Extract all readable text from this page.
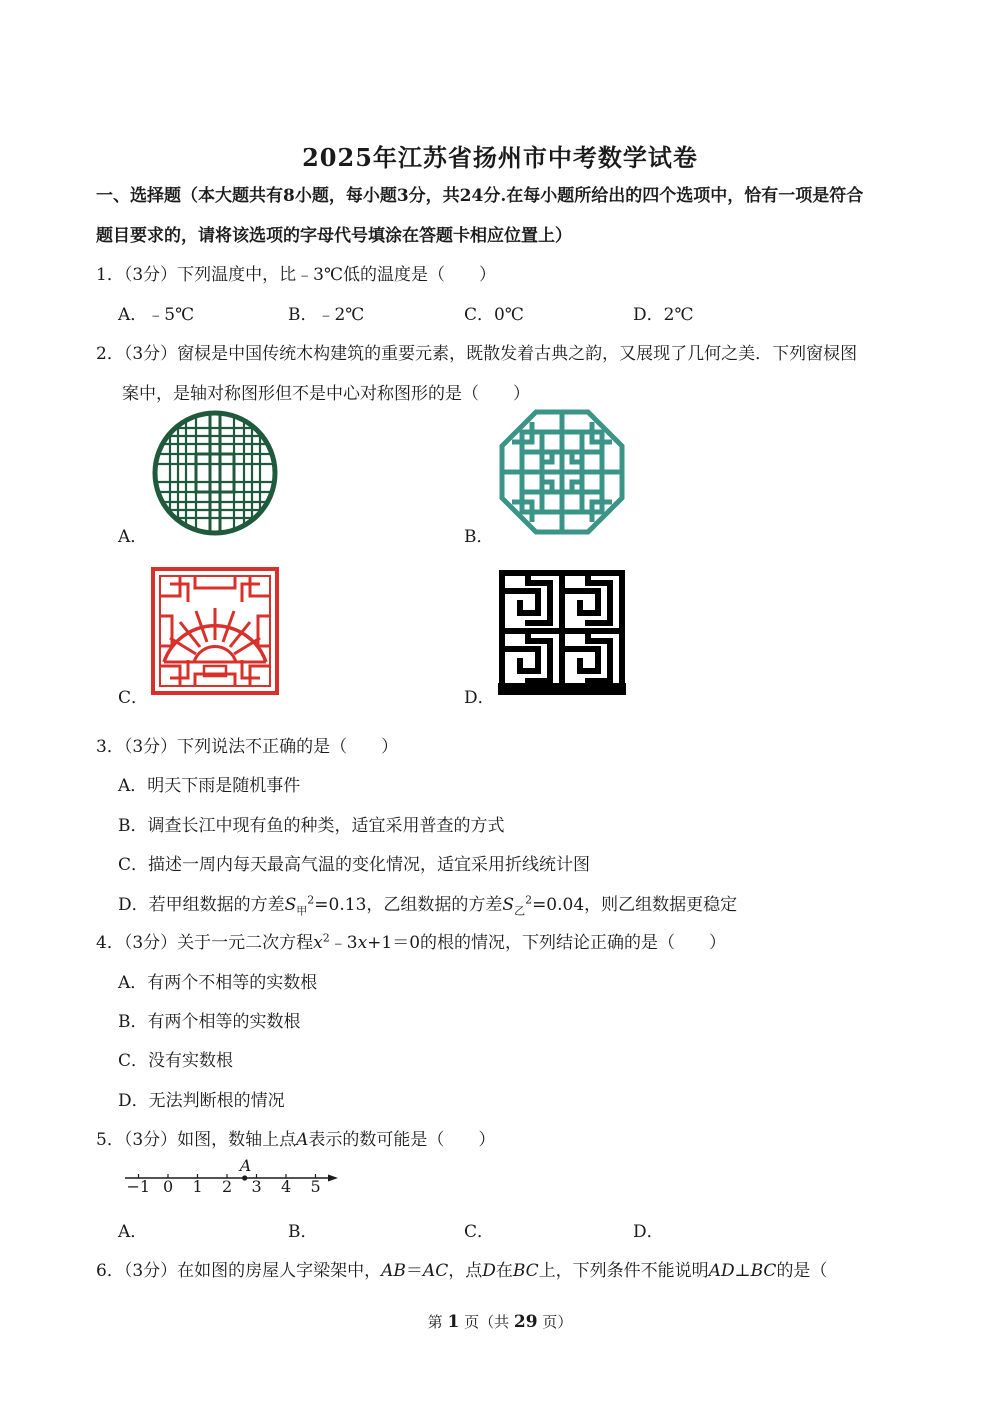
2025年江苏省扬州市中考数学试卷
一、选择题（本大题共有8小题，每小题3分，共24分.在每小题所给出的四个选项中，恰有一项是符合
题目要求的，请将该选项的字母代号填涂在答题卡相应位置上）
1．（3分）下列温度中，比﹣3℃低的温度是（　　）
A．﹣5℃	B．﹣2℃	C．0℃	D．2℃
2．（3分）窗棂是中国传统木构建筑的重要元素，既散发着古典之韵，又展现了几何之美．下列窗棂图
案中，是轴对称图形但不是中心对称图形的是（　　）
A．	B．
C．	D．
3．（3分）下列说法不正确的是（　　）
A．明天下雨是随机事件
B．调查长江中现有鱼的种类，适宜采用普查的方式
C．描述一周内每天最高气温的变化情况，适宜采用折线统计图
D．若甲组数据的方差$S_甲^2=0.13$，乙组数据的方差$S_乙^2=0.04$，则乙组数据更稳定
4．（3分）关于一元二次方程$x^2﹣3x+1=0$的根的情况，下列结论正确的是（　　）
A．有两个不相等的实数根
B．有两个相等的实数根
C．没有实数根
D．无法判断根的情况
5．（3分）如图，数轴上点A表示的数可能是（　　）
−1 0 1 2 3 4 5
A
A．	B．	C．	D．
6．（3分）在如图的房屋人字梁架中，AB＝AC，点D在BC上，下列条件不能说明AD⊥BC的是（
第 1 页（共 29 页）
